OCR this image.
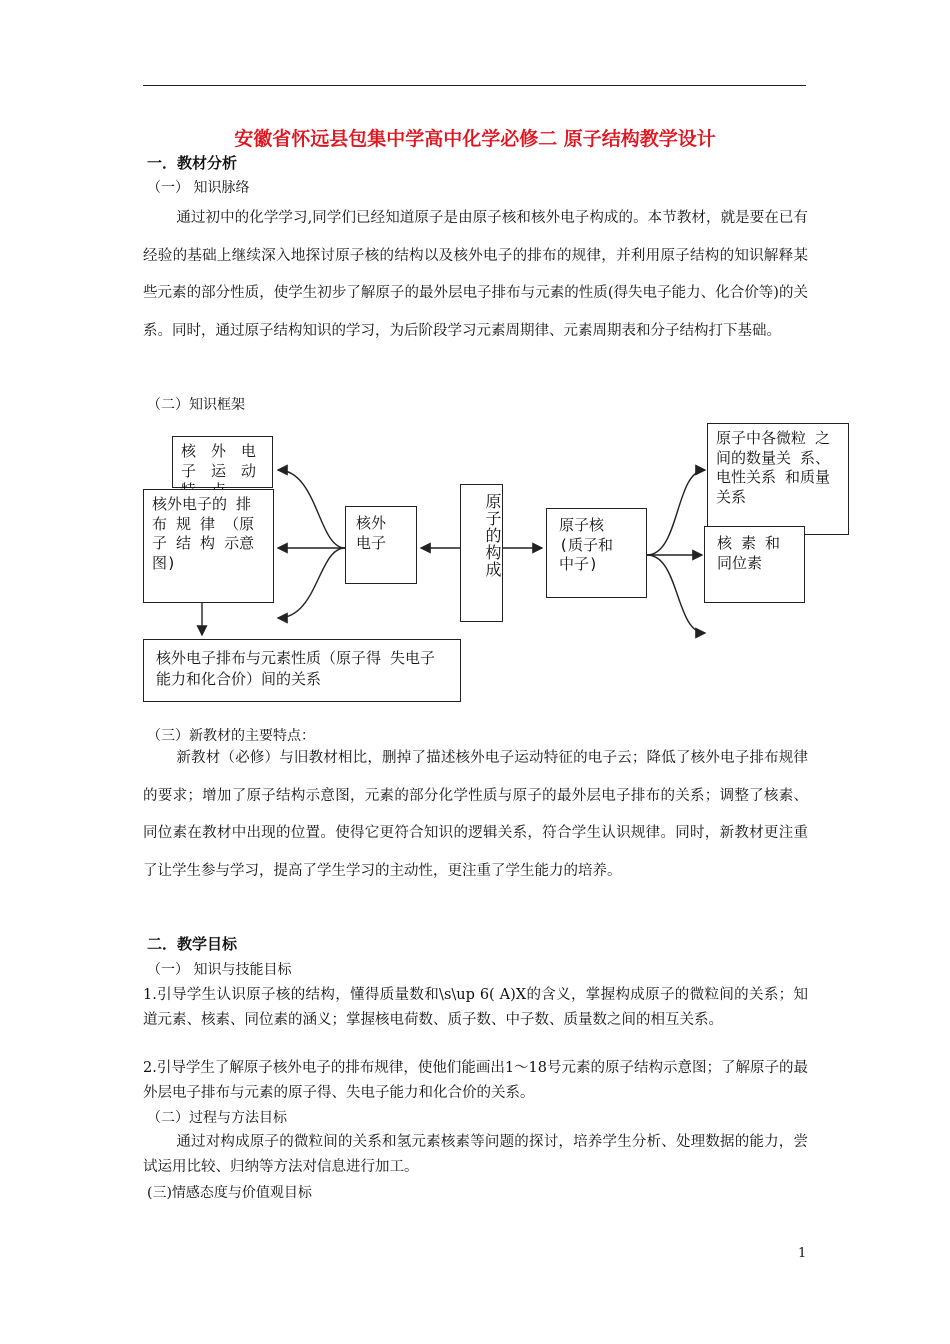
安徽省怀远县包集中学高中化学必修二 原子结构教学设计
一．教材分析
（一） 知识脉络
通过初中的化学学习,同学们已经知道原子是由原子核和核外电子构成的。本节教材，就是要在已有经验的基础上继续深入地探讨原子核的结构以及核外电子的排布的规律，并利用原子结构的知识解释某些元素的部分性质，使学生初步了解原子的最外层电子排布与元素的性质(得失电子能力、化合价等)的关系。同时，通过原子结构知识的学习，为后阶段学习元素周期律、元素周期表和分子结构打下基础。
（二）知识框架
核 外 电 子 运 动
核外电子的 排 布 规 律 （原 子 结 构 示意图)
核外 电子	原子的构成	原子核 (质子和 中子)
原子中各微粒 之间的数量关 系、电性关系 和质量关系
核 素 和 同位素
核外电子排布与元素性质（原子得 失电子能力和化合价）间的关系
（三）新教材的主要特点：
新教材（必修）与旧教材相比，删掉了描述核外电子运动特征的电子云；降低了核外电子排布规律的要求；增加了原子结构示意图，元素的部分化学性质与原子的最外层电子排布的关系；调整了核素、同位素在教材中出现的位置。使得它更符合知识的逻辑关系，符合学生认识规律。同时，新教材更注重了让学生参与学习，提高了学生学习的主动性，更注重了学生能力的培养。
二．教学目标
（一） 知识与技能目标
1.引导学生认识原子核的结构，懂得质量数和\s\up 6( A)X的含义，掌握构成原子的微粒间的关系；知道元素、核素、同位素的涵义；掌握核电荷数、质子数、中子数、质量数之间的相互关系。
2.引导学生了解原子核外电子的排布规律，使他们能画出1～18号元素的原子结构示意图；了解原子的最外层电子排布与元素的原子得、失电子能力和化合价的关系。
（二）过程与方法目标
通过对构成原子的微粒间的关系和氢元素核素等问题的探讨，培养学生分析、处理数据的能力，尝试运用比较、归纳等方法对信息进行加工。
(三)情感态度与价值观目标
1
